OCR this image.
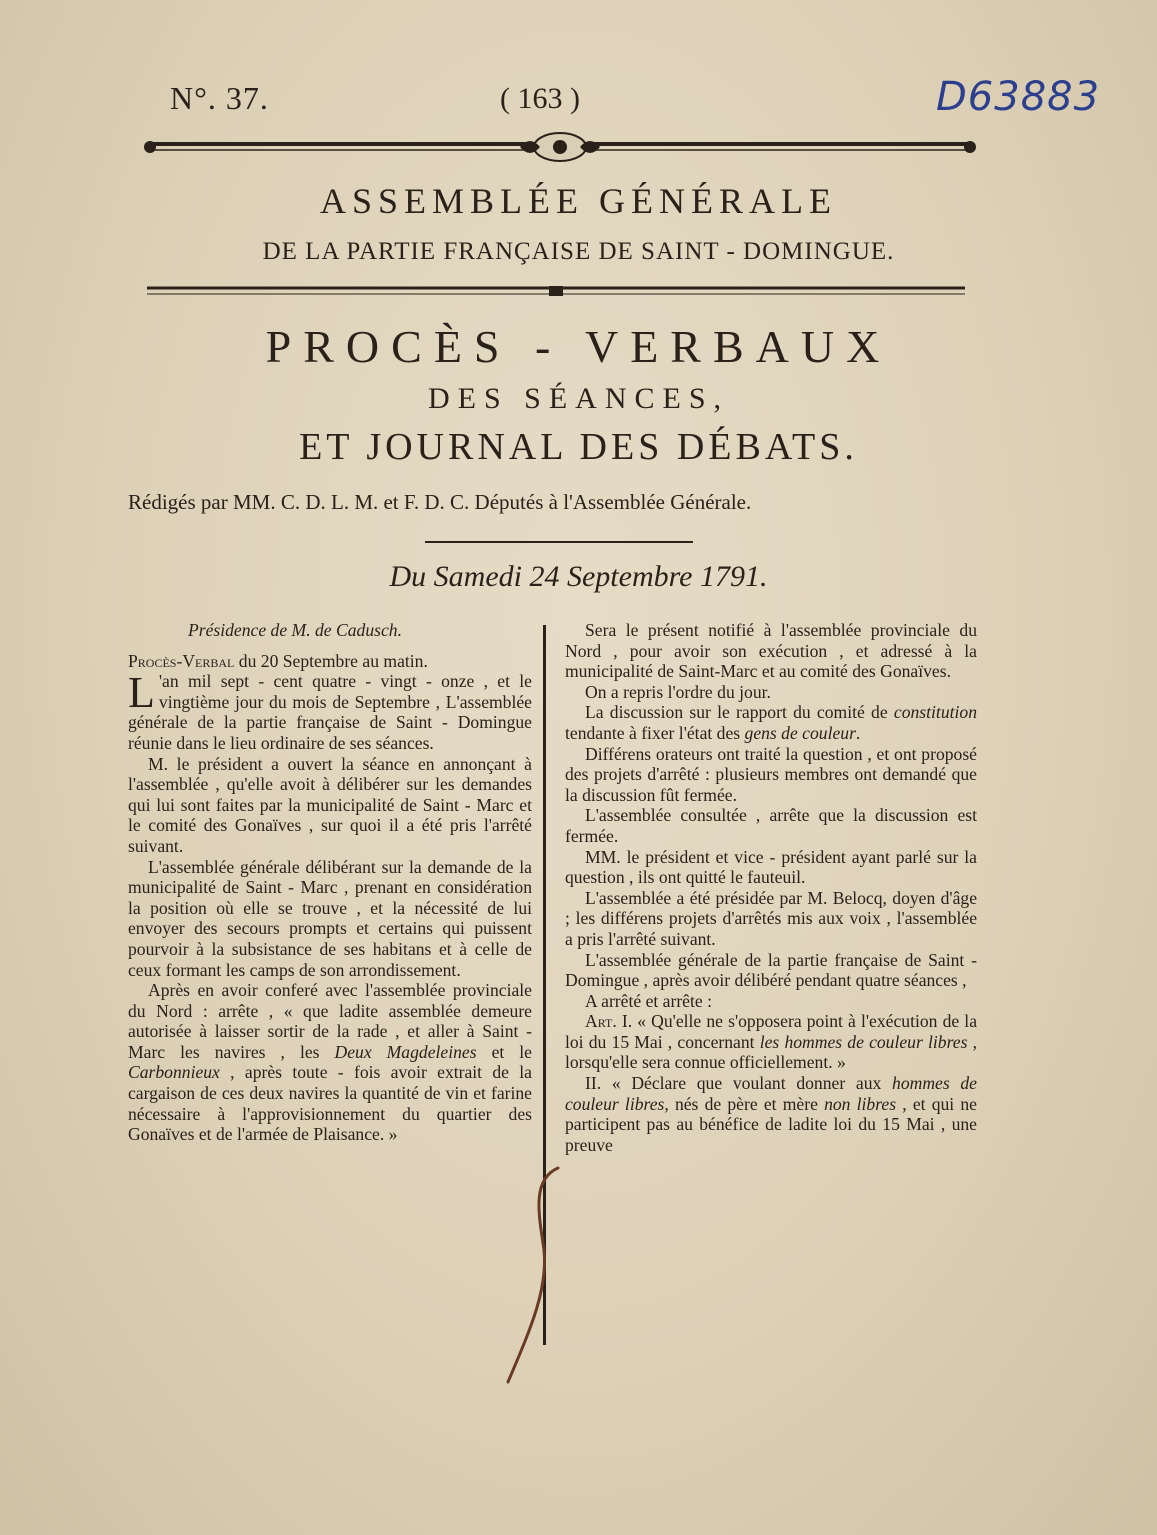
N°. 37.	( 163 )	D63883
ASSEMBLÉE GÉNÉRALE
DE LA PARTIE FRANÇAISE DE SAINT - DOMINGUE.
PROCÈS - VERBAUX
DES SÉANCES,
ET JOURNAL DES DÉBATS.
Rédigés par MM. C. D. L. M. et F. D. C. Députés à l'Assemblée Générale.
Du Samedi 24 Septembre 1791.
Présidence de M. de Cadusch.

Procès-Verbal du 20 Septembre au matin.

L 'an mil sept - cent quatre - vingt - onze , et le vingtième jour du mois de Septembre , L'assemblée générale de la partie française de Saint - Domingue réunie dans le lieu ordinaire de ses séances.

M. le président a ouvert la séance en annonçant à l'assemblée , qu'elle avoit à délibérer sur les demandes qui lui sont faites par la municipalité de Saint - Marc et le comité des Gonaïves , sur quoi il a été pris l'arrêté suivant.

L'assemblée générale délibérant sur la demande de la municipalité de Saint - Marc , prenant en considération la position où elle se trouve , et la nécessité de lui envoyer des secours prompts et certains qui puissent pourvoir à la subsistance de ses habitans et à celle de ceux formant les camps de son arrondissement.

Après en avoir conferé avec l'assemblée provinciale du Nord : arrête , « que ladite assemblée demeure autorisée à laisser sortir de la rade , et aller à Saint - Marc les navires , les Deux Magdeleines et le Carbonnieux , après toute - fois avoir extrait de la cargaison de ces deux navires la quantité de vin et farine nécessaire à l'approvisionnement du quartier des Gonaïves et de l'armée de Plaisance. »

Sera le présent notifié à l'assemblée provinciale du Nord , pour avoir son exécution , et adressé à la municipalité de Saint-Marc et au comité des Gonaïves.

On a repris l'ordre du jour.

La discussion sur le rapport du comité de constitution tendante à fixer l'état des gens de couleur.

Différens orateurs ont traité la question , et ont proposé des projets d'arrêté : plusieurs membres ont demandé que la discussion fût fermée.

L'assemblée consultée , arrête que la discussion est fermée.

MM. le président et vice - président ayant parlé sur la question , ils ont quitté le fauteuil.

L'assemblée a été présidée par M. Belocq, doyen d'âge ; les différens projets d'arrêtés mis aux voix , l'assemblée a pris l'arrêté suivant.

L'assemblée générale de la partie française de Saint - Domingue , après avoir délibéré pendant quatre séances ,

A arrêté et arrête :

Art. I. « Qu'elle ne s'opposera point à l'exécution de la loi du 15 Mai , concernant les hommes de couleur libres , lorsqu'elle sera connue officiellement. »

II. « Déclare que voulant donner aux hommes de couleur libres, nés de père et mère non libres , et qui ne participent pas au bénéfice de ladite loi du 15 Mai , une preuve
